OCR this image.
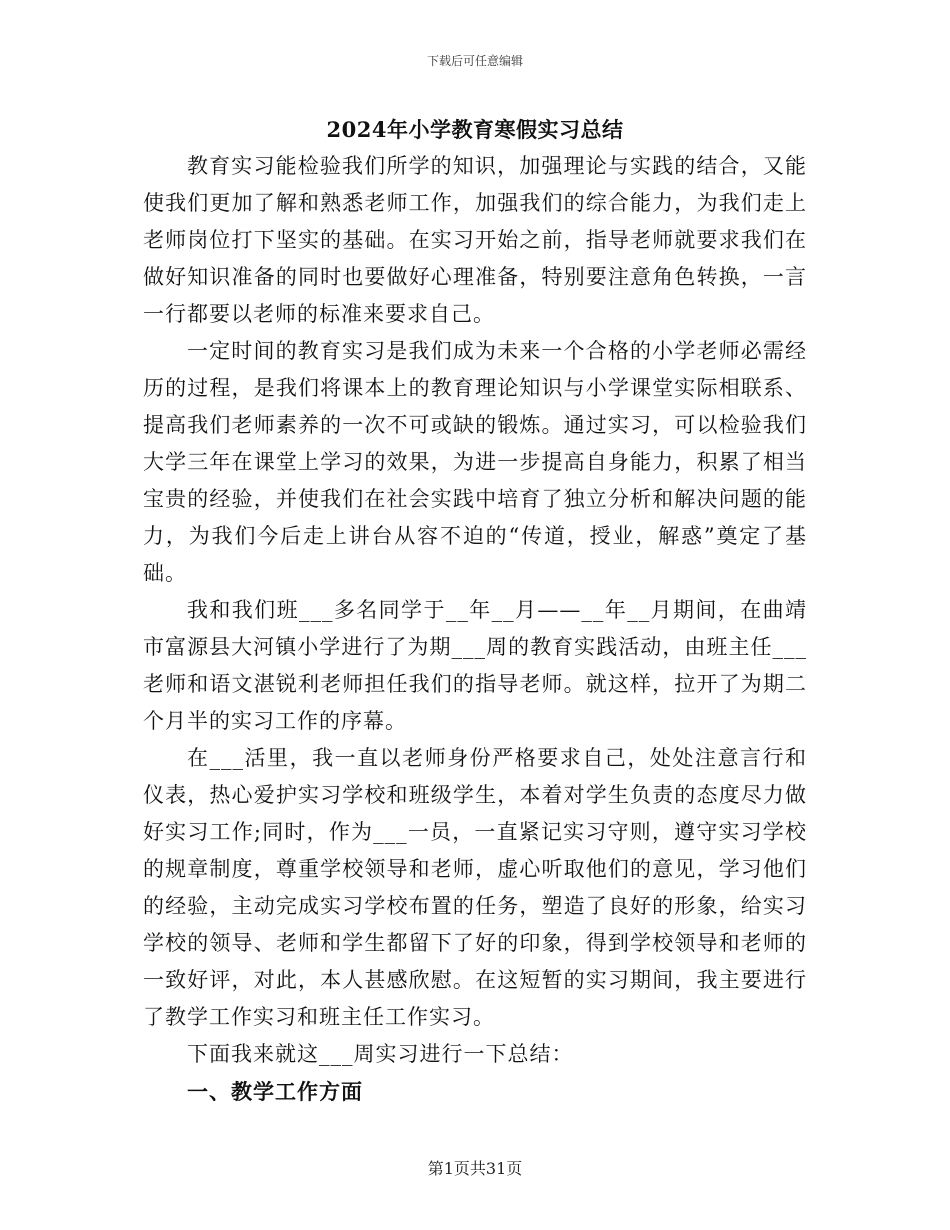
下载后可任意编辑
2024年小学教育寒假实习总结

教育实习能检验我们所学的知识，加强理论与实践的结合，又能使我们更加了解和熟悉老师工作，加强我们的综合能力，为我们走上老师岗位打下坚实的基础。在实习开始之前，指导老师就要求我们在做好知识准备的同时也要做好心理准备，特别要注意角色转换，一言一行都要以老师的标准来要求自己。

一定时间的教育实习是我们成为未来一个合格的小学老师必需经历的过程，是我们将课本上的教育理论知识与小学课堂实际相联系、提高我们老师素养的一次不可或缺的锻炼。通过实习，可以检验我们大学三年在课堂上学习的效果，为进一步提高自身能力，积累了相当宝贵的经验，并使我们在社会实践中培育了独立分析和解决问题的能力，为我们今后走上讲台从容不迫的“传道，授业，解惑”奠定了基础。

我和我们班___多名同学于__年__月——__年__月期间，在曲靖市富源县大河镇小学进行了为期___周的教育实践活动，由班主任___老师和语文湛锐利老师担任我们的指导老师。就这样，拉开了为期二个月半的实习工作的序幕。

在___活里，我一直以老师身份严格要求自己，处处注意言行和仪表，热心爱护实习学校和班级学生，本着对学生负责的态度尽力做好实习工作;同时，作为___一员，一直紧记实习守则，遵守实习学校的规章制度，尊重学校领导和老师，虚心听取他们的意见，学习他们的经验，主动完成实习学校布置的任务，塑造了良好的形象，给实习学校的领导、老师和学生都留下了好的印象，得到学校领导和老师的一致好评，对此，本人甚感欣慰。在这短暂的实习期间，我主要进行了教学工作实习和班主任工作实习。

下面我来就这___周实习进行一下总结：

一、教学工作方面

第1页共31页
